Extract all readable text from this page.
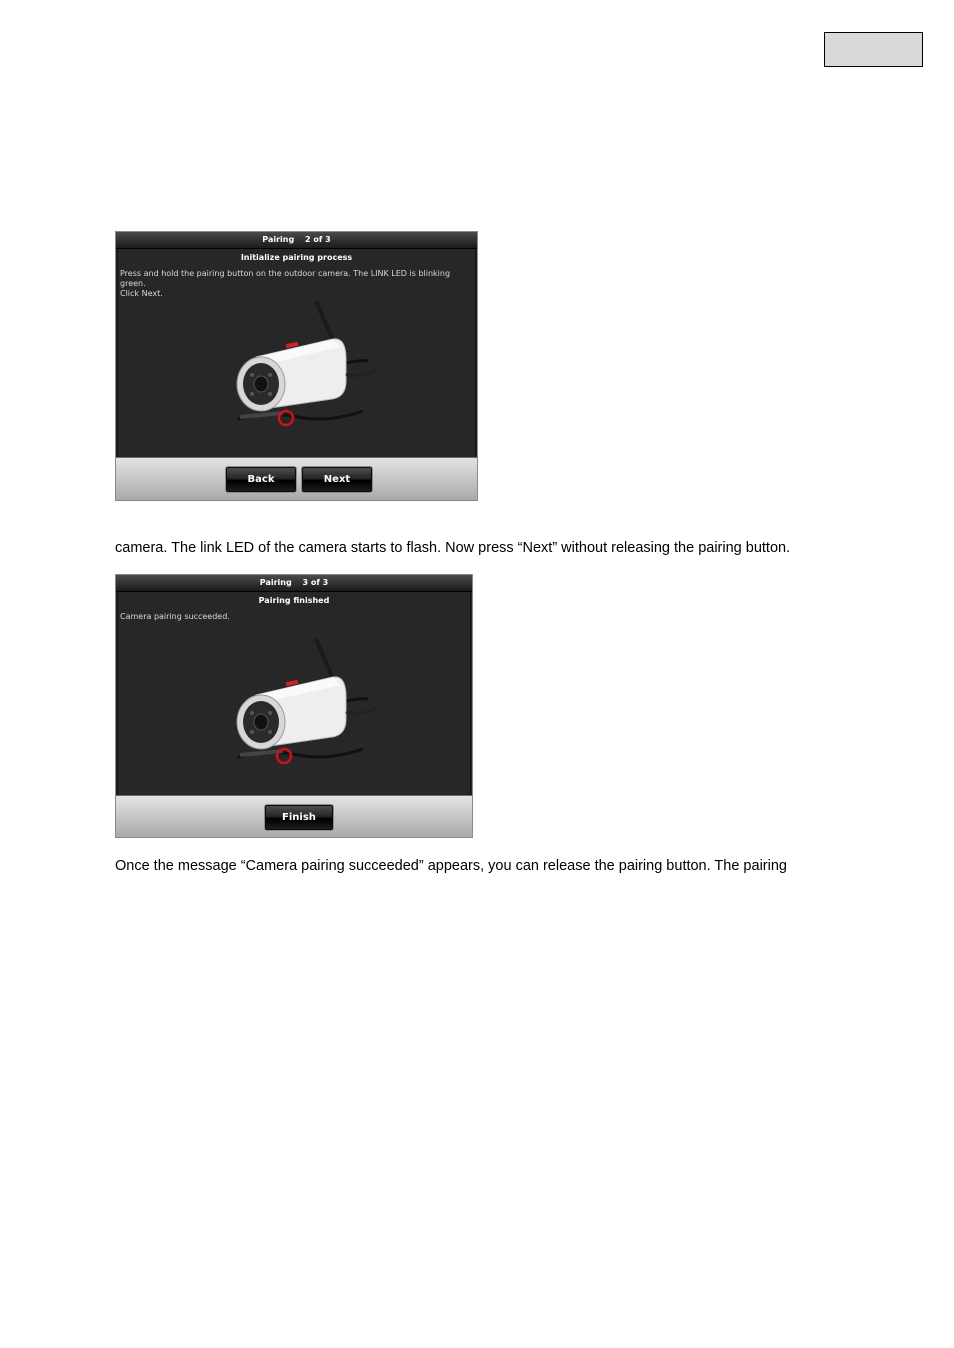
Pairing 2 of 3
Initialize pairing process
Press and hold the pairing button on the outdoor camera. The LINK LED is blinking green.
Click Next.
Back	Next
camera. The link LED of the camera starts to flash. Now press “Next” without releasing the pairing button.
Pairing 3 of 3
Pairing finished
Camera pairing succeeded.
Finish
Once the message “Camera pairing succeeded” appears, you can release the pairing button. The pairing
